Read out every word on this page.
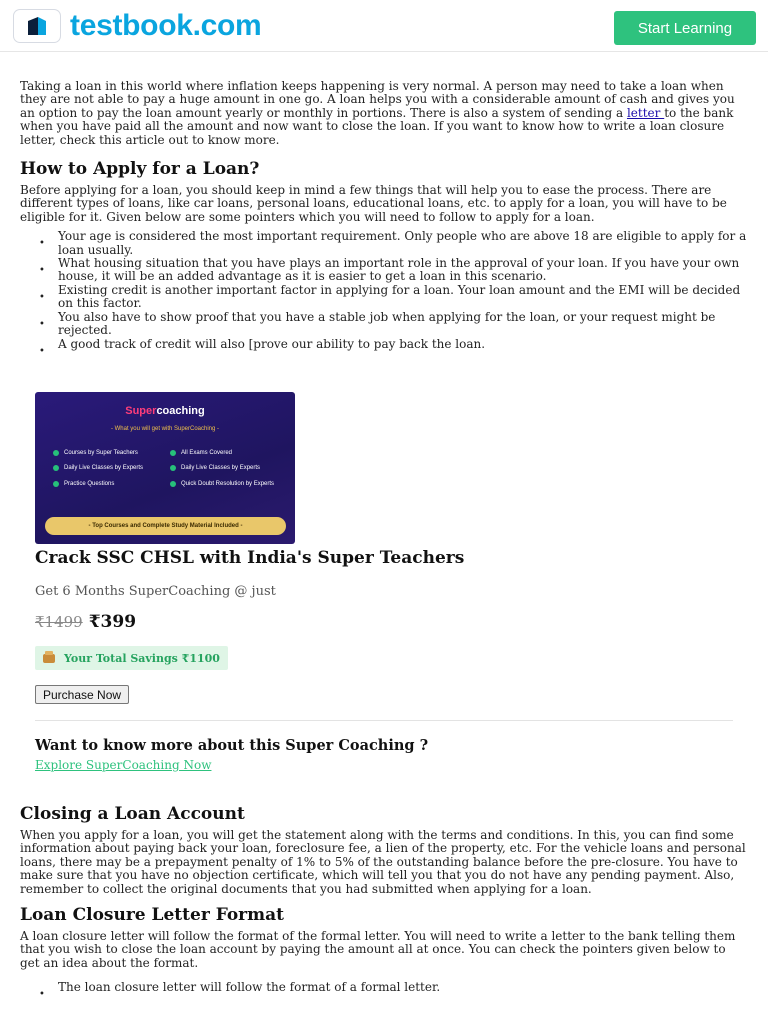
testbook.com	Start Learning

Taking a loan in this world where inflation keeps happening is very normal. A person may need to take a loan when they are not able to pay a huge amount in one go. A loan helps you with a considerable amount of cash and gives you an option to pay the loan amount yearly or monthly in portions. There is also a system of sending a letter to the bank when you have paid all the amount and now want to close the loan. If you want to know how to write a loan closure letter, check this article out to know more.

How to Apply for a Loan?

Before applying for a loan, you should keep in mind a few things that will help you to ease the process. There are different types of loans, like car loans, personal loans, educational loans, etc. to apply for a loan, you will have to be eligible for it. Given below are some pointers which you will need to follow to apply for a loan.

•
Your age is considered the most important requirement. Only people who are above 18 are eligible to apply for a loan usually.
•
What housing situation that you have plays an important role in the approval of your loan. If you have your own house, it will be an added advantage as it is easier to get a loan in this scenario.
•
Existing credit is another important factor in applying for a loan. Your loan amount and the EMI will be decided on this factor.
•
You also have to show proof that you have a stable job when applying for the loan, or your request might be rejected.
•
A good track of credit will also [prove our ability to pay back the loan.
Supercoaching
- What you will get with SuperCoaching -
Courses by Super Teachers
Daily Live Classes by Experts
Practice Questions
All Exams Covered
Daily Live Classes by Experts
Quick Doubt Resolution by Experts
- Top Courses and Complete Study Material Included -
Crack SSC CHSL with India's Super Teachers
Get 6 Months SuperCoaching @ just
₹1499 ₹399
Your Total Savings ₹1100
Purchase Now
Want to know more about this Super Coaching ?
Explore SuperCoaching Now
Closing a Loan Account

When you apply for a loan, you will get the statement along with the terms and conditions. In this, you can find some information about paying back your loan, foreclosure fee, a lien of the property, etc. For the vehicle loans and personal loans, there may be a prepayment penalty of 1% to 5% of the outstanding balance before the pre-closure. You have to make sure that you have no objection certificate, which will tell you that you do not have any pending payment. Also, remember to collect the original documents that you had submitted when applying for a loan.

Loan Closure Letter Format

A loan closure letter will follow the format of the formal letter. You will need to write a letter to the bank telling them that you wish to close the loan account by paying the amount all at once. You can check the pointers given below to get an idea about the format.

•
The loan closure letter will follow the format of a formal letter.
